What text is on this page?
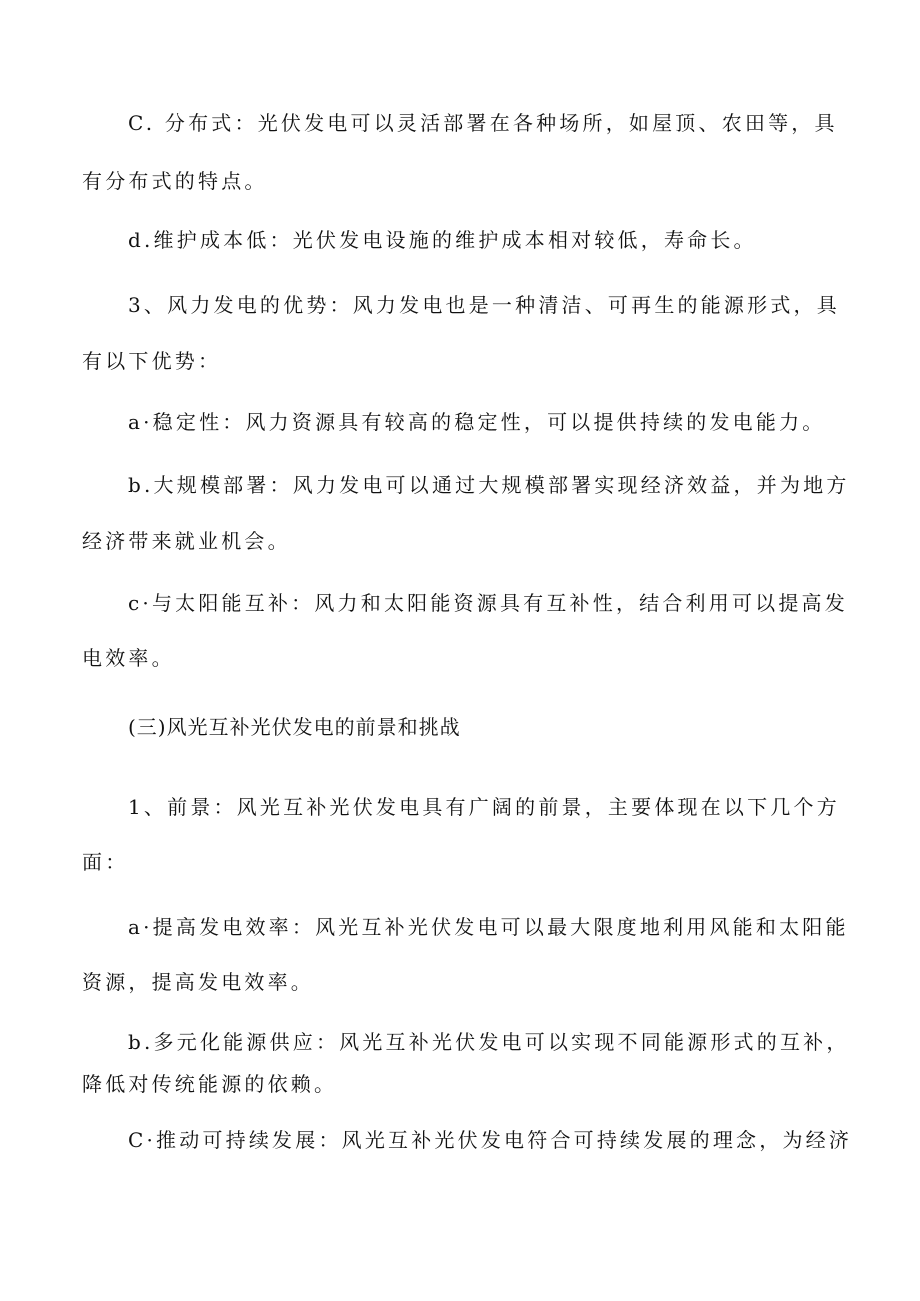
C. 分布式：光伏发电可以灵活部署在各种场所，如屋顶、农田等，具
有分布式的特点。
d.维护成本低：光伏发电设施的维护成本相对较低，寿命长。
3、风力发电的优势：风力发电也是一种清洁、可再生的能源形式，具
有以下优势：
a·稳定性：风力资源具有较高的稳定性，可以提供持续的发电能力。
b.大规模部署：风力发电可以通过大规模部署实现经济效益，并为地方
经济带来就业机会。
c·与太阳能互补：风力和太阳能资源具有互补性，结合利用可以提高发
电效率。
(三)风光互补光伏发电的前景和挑战
1、前景：风光互补光伏发电具有广阔的前景，主要体现在以下几个方
面：
a·提高发电效率：风光互补光伏发电可以最大限度地利用风能和太阳能
资源，提高发电效率。
b.多元化能源供应：风光互补光伏发电可以实现不同能源形式的互补，
降低对传统能源的依赖。
C·推动可持续发展：风光互补光伏发电符合可持续发展的理念，为经济
